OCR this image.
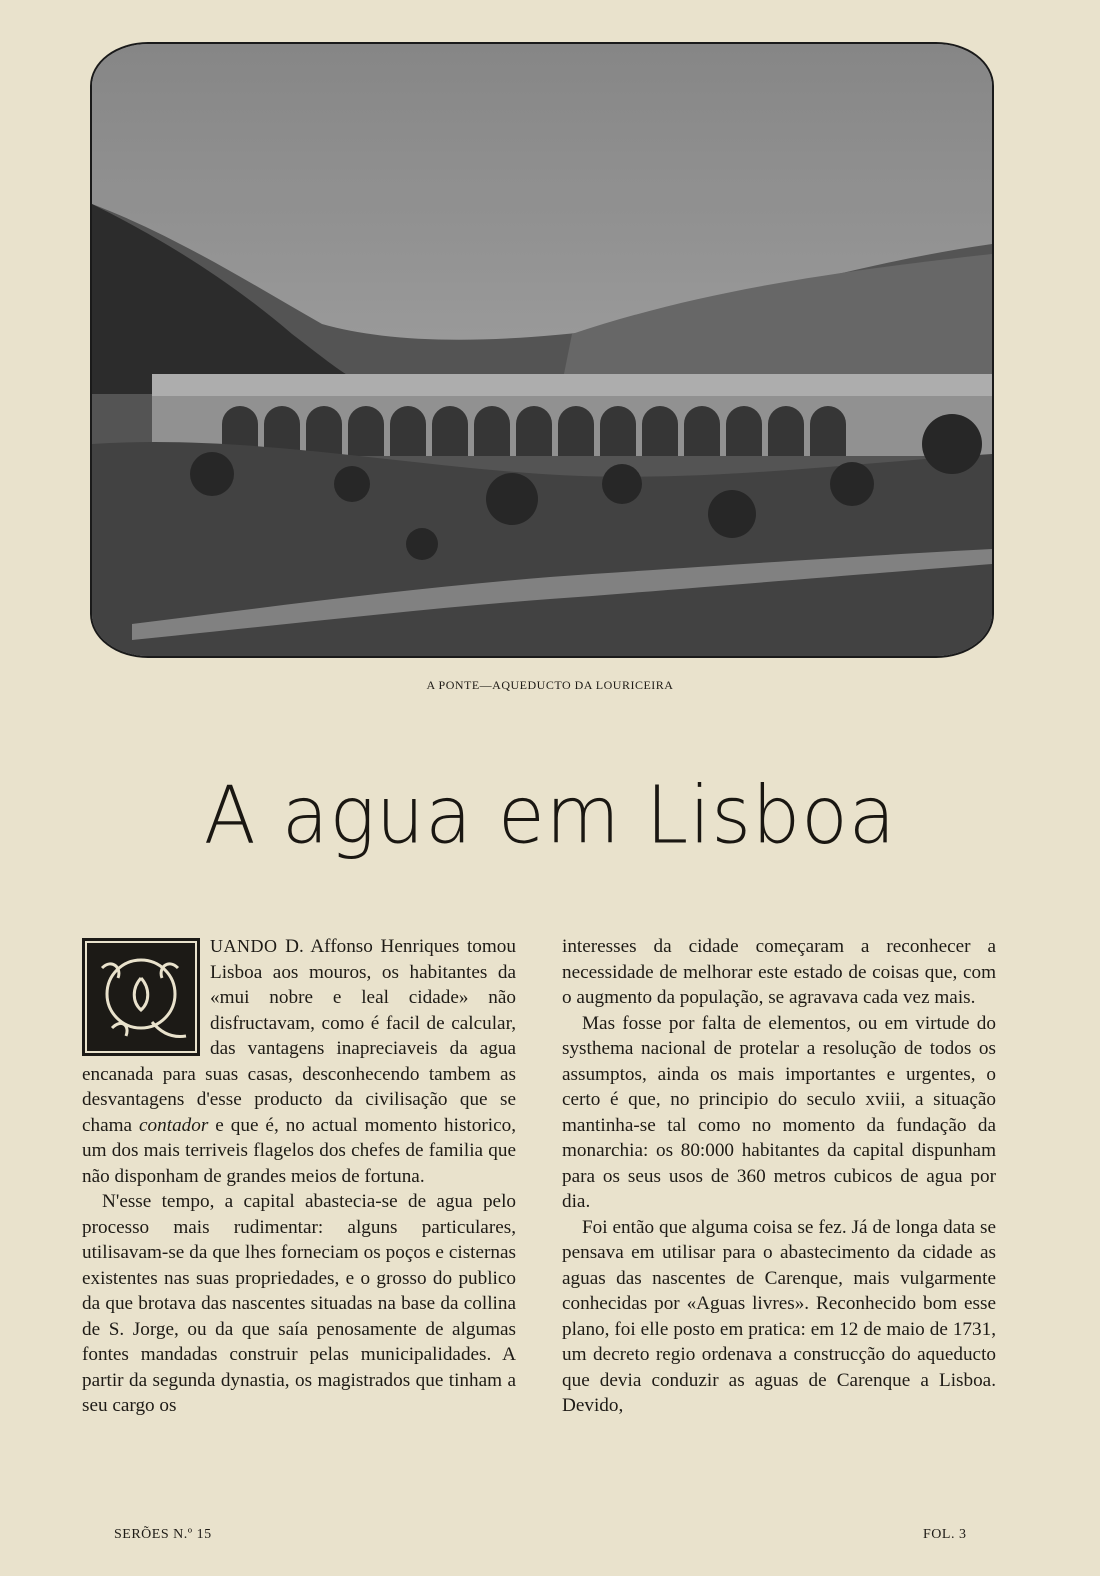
A PONTE—AQUEDUCTO DA LOURICEIRA
A agua em Lisboa

UANDO D. Affonso Henriques tomou Lisboa aos mouros, os habitantes da «mui nobre e leal cidade» não disfructavam, como é facil de calcular, das vantagens inapreciaveis da agua encanada para suas casas, desconhecendo tambem as desvantagens d'esse producto da civilisação que se chama contador e que é, no actual momento historico, um dos mais terriveis flagelos dos chefes de familia que não disponham de grandes meios de fortuna.

N'esse tempo, a capital abastecia-se de agua pelo processo mais rudimentar: alguns particulares, utilisavam-se da que lhes forneciam os poços e cisternas existentes nas suas propriedades, e o grosso do publico da que brotava das nascentes situadas na base da collina de S. Jorge, ou da que saía penosamente de algumas fontes mandadas construir pelas municipalidades. A partir da segunda dynastia, os magistrados que tinham a seu cargo os

interesses da cidade começaram a reconhecer a necessidade de melhorar este estado de coisas que, com o augmento da população, se agravava cada vez mais.

Mas fosse por falta de elementos, ou em virtude do systhema nacional de protelar a resolução de todos os assumptos, ainda os mais importantes e urgentes, o certo é que, no principio do seculo xviii, a situação mantinha-se tal como no momento da fundação da monarchia: os 80:000 habitantes da capital dispunham para os seus usos de 360 metros cubicos de agua por dia.

Foi então que alguma coisa se fez. Já de longa data se pensava em utilisar para o abastecimento da cidade as aguas das nascentes de Carenque, mais vulgarmente conhecidas por «Aguas livres». Reconhecido bom esse plano, foi elle posto em pratica: em 12 de maio de 1731, um decreto regio ordenava a construcção do aqueducto que devia conduzir as aguas de Carenque a Lisboa. Devido,

SERÕES N.º 15	FOL. 3
